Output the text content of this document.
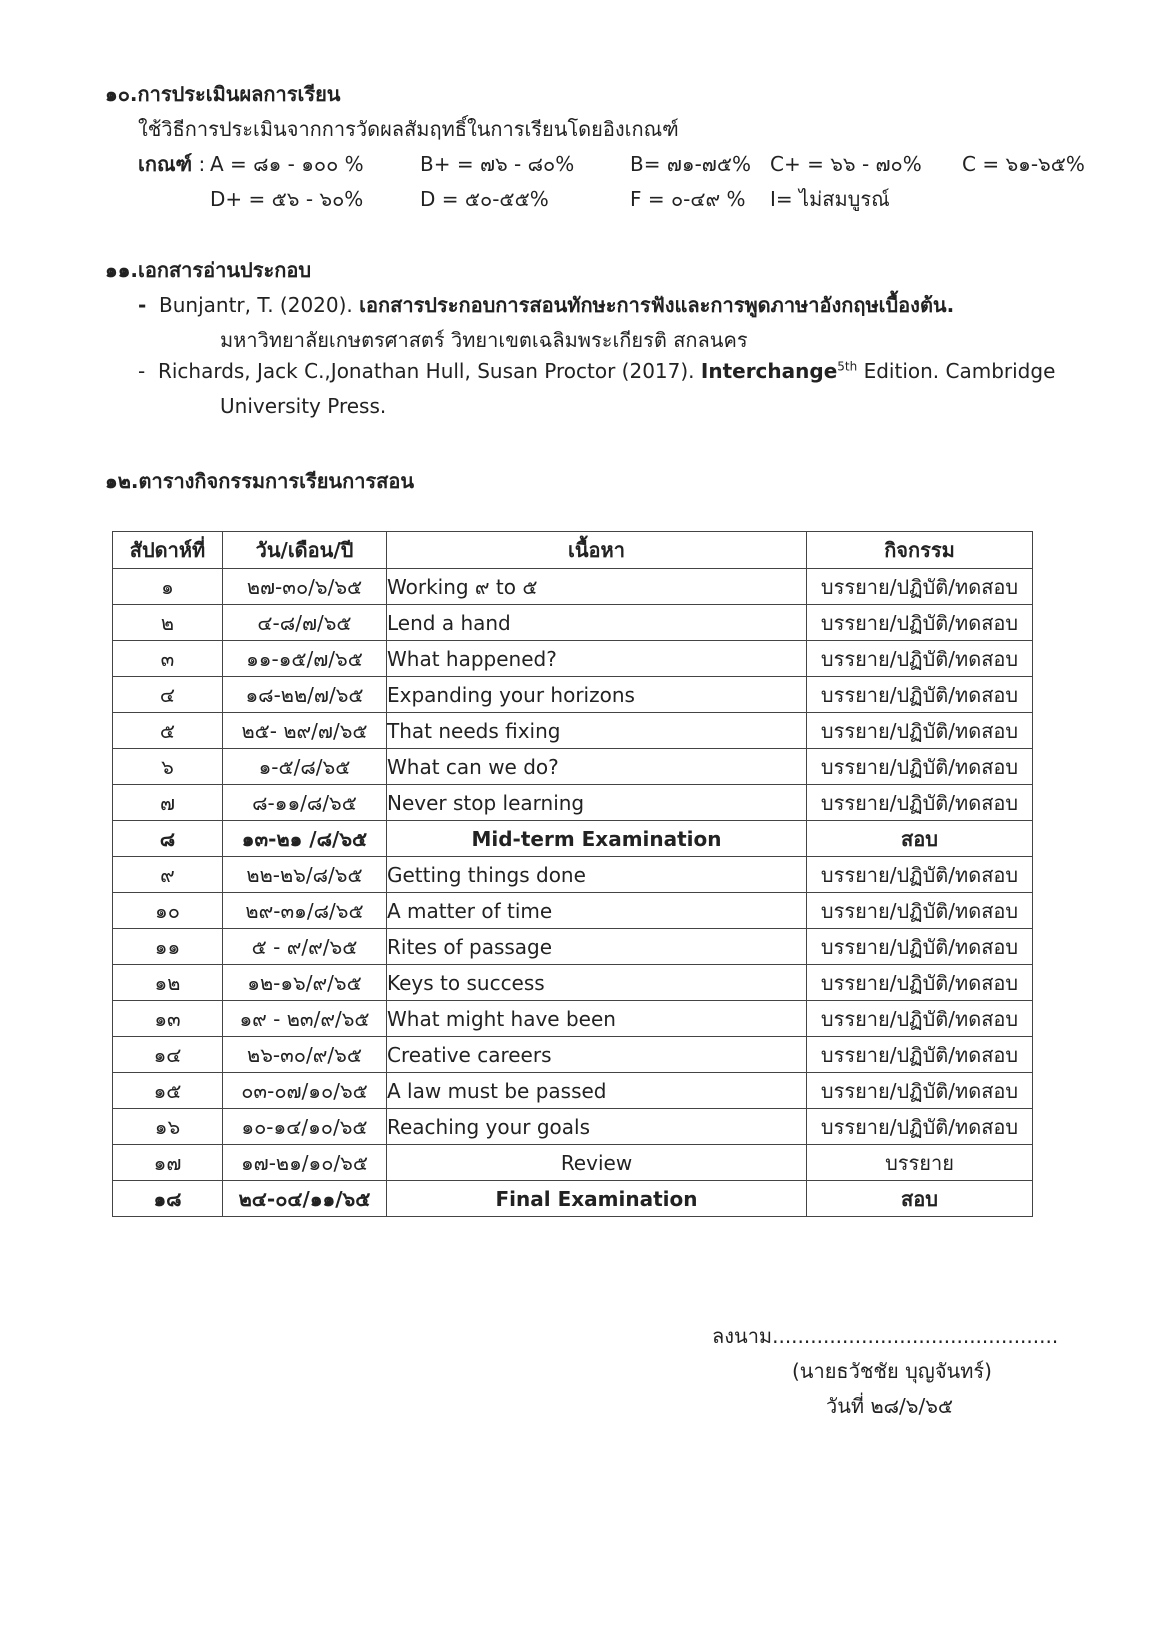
๑๐.การประเมินผลการเรียน
ใช้วิธีการประเมินจากการวัดผลสัมฤทธิ์ในการเรียนโดยอิงเกณฑ์
เกณฑ์ : A = ๘๑ - ๑๐๐ %	B+ = ๗๖ - ๘๐%	B= ๗๑-๗๕% C+ = ๖๖ - ๗๐% C = ๖๑-๖๕%
D+ = ๕๖ - ๖๐%	D = ๕๐-๕๕%	F = ๐-๔๙ % I= ไม่สมบูรณ์
๑๑.เอกสารอ่านประกอบ
- Bunjantr, T. (2020). เอกสารประกอบการสอนทักษะการฟังและการพูดภาษาอังกฤษเบื้องต้น.
มหาวิทยาลัยเกษตรศาสตร์ วิทยาเขตเฉลิมพระเกียรติ สกลนคร
- Richards, Jack C.,Jonathan Hull, Susan Proctor (2017). Interchange$^{5th}$ Edition. Cambridge
University Press.
๑๒.ตารางกิจกรรมการเรียนการสอน
สัปดาห์ที่	วัน/เดือน/ปี	เนื้อหา	กิจกรรม
๑	๒๗-๓๐/๖/๖๕	Working ๙ to ๕	บรรยาย/ปฏิบัติ/ทดสอบ
๒	๔-๘/๗/๖๕	Lend a hand	บรรยาย/ปฏิบัติ/ทดสอบ
๓	๑๑-๑๕/๗/๖๕	What happened?	บรรยาย/ปฏิบัติ/ทดสอบ
๔	๑๘-๒๒/๗/๖๕	Expanding your horizons	บรรยาย/ปฏิบัติ/ทดสอบ
๕	๒๕- ๒๙/๗/๖๕	That needs fixing	บรรยาย/ปฏิบัติ/ทดสอบ
๖	๑-๕/๘/๖๕	What can we do?	บรรยาย/ปฏิบัติ/ทดสอบ
๗	๘-๑๑/๘/๖๕	Never stop learning	บรรยาย/ปฏิบัติ/ทดสอบ
๘	๑๓-๒๑ /๘/๖๕	Mid-term Examination	สอบ
๙	๒๒-๒๖/๘/๖๕	Getting things done	บรรยาย/ปฏิบัติ/ทดสอบ
๑๐	๒๙-๓๑/๘/๖๕	A matter of time	บรรยาย/ปฏิบัติ/ทดสอบ
๑๑	๕ - ๙/๙/๖๕	Rites of passage	บรรยาย/ปฏิบัติ/ทดสอบ
๑๒	๑๒-๑๖/๙/๖๕	Keys to success	บรรยาย/ปฏิบัติ/ทดสอบ
๑๓	๑๙ - ๒๓/๙/๖๕	What might have been	บรรยาย/ปฏิบัติ/ทดสอบ
๑๔	๒๖-๓๐/๙/๖๕	Creative careers	บรรยาย/ปฏิบัติ/ทดสอบ
๑๕	๐๓-๐๗/๑๐/๖๕	A law must be passed	บรรยาย/ปฏิบัติ/ทดสอบ
๑๖	๑๐-๑๔/๑๐/๖๕	Reaching your goals	บรรยาย/ปฏิบัติ/ทดสอบ
๑๗	๑๗-๒๑/๑๐/๖๕	Review	บรรยาย
๑๘	๒๔-๐๔/๑๑/๖๕	Final Examination	สอบ
ลงนาม.............................................
(นายธวัชชัย บุญจันทร์)
วันที่ ๒๘/๖/๖๕
